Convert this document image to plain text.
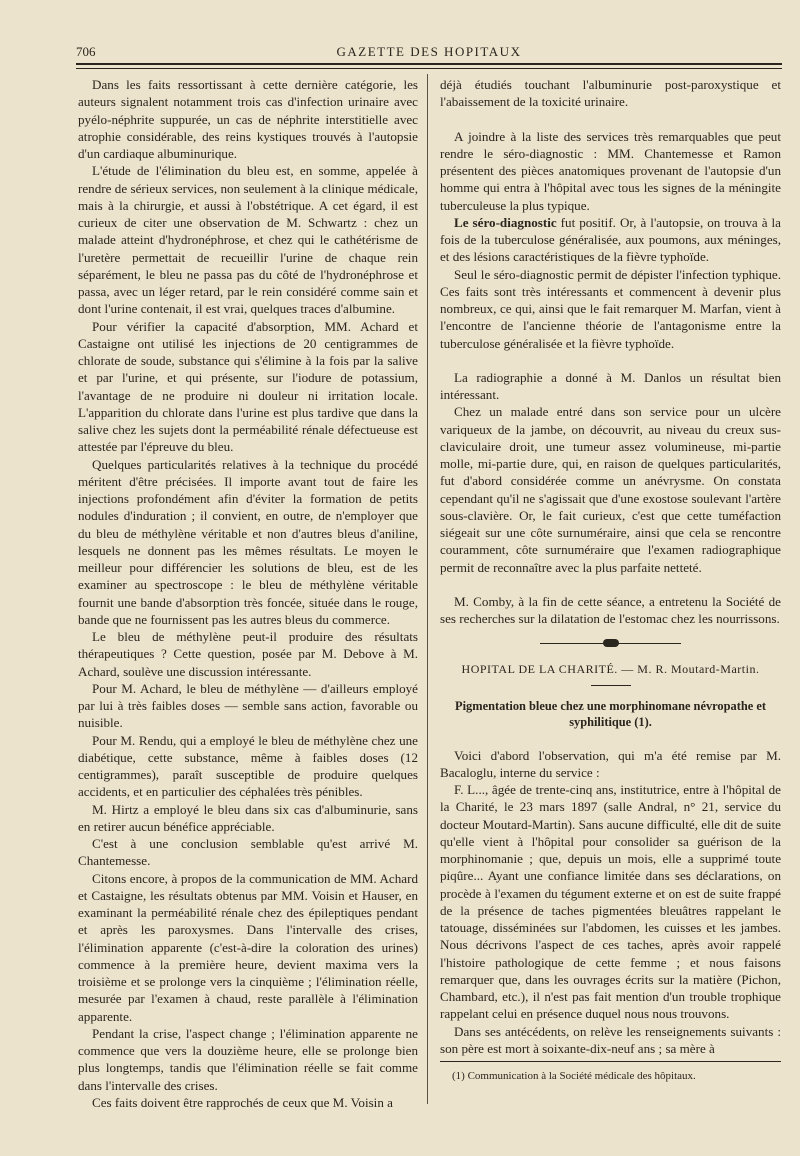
706	GAZETTE DES HOPITAUX

Dans les faits ressortissant à cette dernière catégorie, les auteurs signalent notamment trois cas d'infection urinaire avec pyélo-néphrite suppurée, un cas de néphrite interstitielle avec atrophie considérable, des reins kystiques trouvés à l'autopsie d'un cardiaque albuminurique.

L'étude de l'élimination du bleu est, en somme, appelée à rendre de sérieux services, non seulement à la clinique médicale, mais à la chirurgie, et aussi à l'obstétrique. A cet égard, il est curieux de citer une observation de M. Schwartz : chez un malade atteint d'hydronéphrose, et chez qui le cathétérisme de l'uretère permettait de recueillir l'urine de chaque rein séparément, le bleu ne passa pas du côté de l'hydronéphrose et passa, avec un léger retard, par le rein considéré comme sain et dont l'urine contenait, il est vrai, quelques traces d'albumine.

Pour vérifier la capacité d'absorption, MM. Achard et Castaigne ont utilisé les injections de 20 centigrammes de chlorate de soude, substance qui s'élimine à la fois par la salive et par l'urine, et qui présente, sur l'iodure de potassium, l'avantage de ne produire ni douleur ni irritation locale. L'apparition du chlorate dans l'urine est plus tardive que dans la salive chez les sujets dont la perméabilité rénale défectueuse est attestée par l'épreuve du bleu.

Quelques particularités relatives à la technique du procédé méritent d'être précisées. Il importe avant tout de faire les injections profondément afin d'éviter la formation de petits nodules d'induration ; il convient, en outre, de n'employer que du bleu de méthylène véritable et non d'autres bleus d'aniline, lesquels ne donnent pas les mêmes résultats. Le moyen le meilleur pour différencier les solutions de bleu, est de les examiner au spectroscope : le bleu de méthylène véritable fournit une bande d'absorption très foncée, située dans le rouge, bande que ne fournissent pas les autres bleus du commerce.

Le bleu de méthylène peut-il produire des résultats thérapeutiques ? Cette question, posée par M. Debove à M. Achard, soulève une discussion intéressante.

Pour M. Achard, le bleu de méthylène — d'ailleurs employé par lui à très faibles doses — semble sans action, favorable ou nuisible.

Pour M. Rendu, qui a employé le bleu de méthylène chez une diabétique, cette substance, même à faibles doses (12 centigrammes), paraît susceptible de produire quelques accidents, et en particulier des céphalées très pénibles.

M. Hirtz a employé le bleu dans six cas d'albuminurie, sans en retirer aucun bénéfice appréciable.

C'est à une conclusion semblable qu'est arrivé M. Chantemesse.

Citons encore, à propos de la communication de MM. Achard et Castaigne, les résultats obtenus par MM. Voisin et Hauser, en examinant la perméabilité rénale chez des épileptiques pendant et après les paroxysmes. Dans l'intervalle des crises, l'élimination apparente (c'est-à-dire la coloration des urines) commence à la première heure, devient maxima vers la troisième et se prolonge vers la cinquième ; l'élimination réelle, mesurée par l'examen à chaud, reste parallèle à l'élimination apparente.

Pendant la crise, l'aspect change ; l'élimination apparente ne commence que vers la douzième heure, elle se prolonge bien plus longtemps, tandis que l'élimination réelle se fait comme dans l'intervalle des crises.

Ces faits doivent être rapprochés de ceux que M. Voisin a

déjà étudiés touchant l'albuminurie post-paroxystique et l'abaissement de la toxicité urinaire.

A joindre à la liste des services très remarquables que peut rendre le séro-diagnostic : MM. Chantemesse et Ramon présentent des pièces anatomiques provenant de l'autopsie d'un homme qui entra à l'hôpital avec tous les signes de la méningite tuberculeuse la plus typique.

Le séro-diagnostic fut positif. Or, à l'autopsie, on trouva à la fois de la tuberculose généralisée, aux poumons, aux méninges, et des lésions caractéristiques de la fièvre typhoïde.

Seul le séro-diagnostic permit de dépister l'infection typhique. Ces faits sont très intéressants et commencent à devenir plus nombreux, ce qui, ainsi que le fait remarquer M. Marfan, vient à l'encontre de l'ancienne théorie de l'antagonisme entre la tuberculose généralisée et la fièvre typhoïde.

La radiographie a donné à M. Danlos un résultat bien intéressant.

Chez un malade entré dans son service pour un ulcère variqueux de la jambe, on découvrit, au niveau du creux sus-claviculaire droit, une tumeur assez volumineuse, mi-partie molle, mi-partie dure, qui, en raison de quelques particularités, fut d'abord considérée comme un anévrysme. On constata cependant qu'il ne s'agissait que d'une exostose soulevant l'artère sous-clavière. Or, le fait curieux, c'est que cette tuméfaction siégeait sur une côte surnuméraire, ainsi que cela se rencontre couramment, côte surnuméraire que l'examen radiographique permit de reconnaître avec la plus parfaite netteté.

M. Comby, à la fin de cette séance, a entretenu la Société de ses recherches sur la dilatation de l'estomac chez les nourrissons.

HOPITAL DE LA CHARITÉ. — M. R. Moutard-Martin.
Pigmentation bleue chez une morphinomane névropathe et syphilitique (1).

Voici d'abord l'observation, qui m'a été remise par M. Bacaloglu, interne du service :

F. L..., âgée de trente-cinq ans, institutrice, entre à l'hôpital de la Charité, le 23 mars 1897 (salle Andral, n° 21, service du docteur Moutard-Martin). Sans aucune difficulté, elle dit de suite qu'elle vient à l'hôpital pour consolider sa guérison de la morphinomanie ; que, depuis un mois, elle a supprimé toute piqûre... Ayant une confiance limitée dans ses déclarations, on procède à l'examen du tégument externe et on est de suite frappé de la présence de taches pigmentées bleuâtres rappelant le tatouage, disséminées sur l'abdomen, les cuisses et les jambes. Nous décrivons l'aspect de ces taches, après avoir rappelé l'histoire pathologique de cette femme ; et nous faisons remarquer que, dans les ouvrages écrits sur la matière (Pichon, Chambard, etc.), il n'est pas fait mention d'un trouble trophique rappelant celui en présence duquel nous nous trouvons.

Dans ses antécédents, on relève les renseignements suivants : son père est mort à soixante-dix-neuf ans ; sa mère à

(1) Communication à la Société médicale des hôpitaux.
